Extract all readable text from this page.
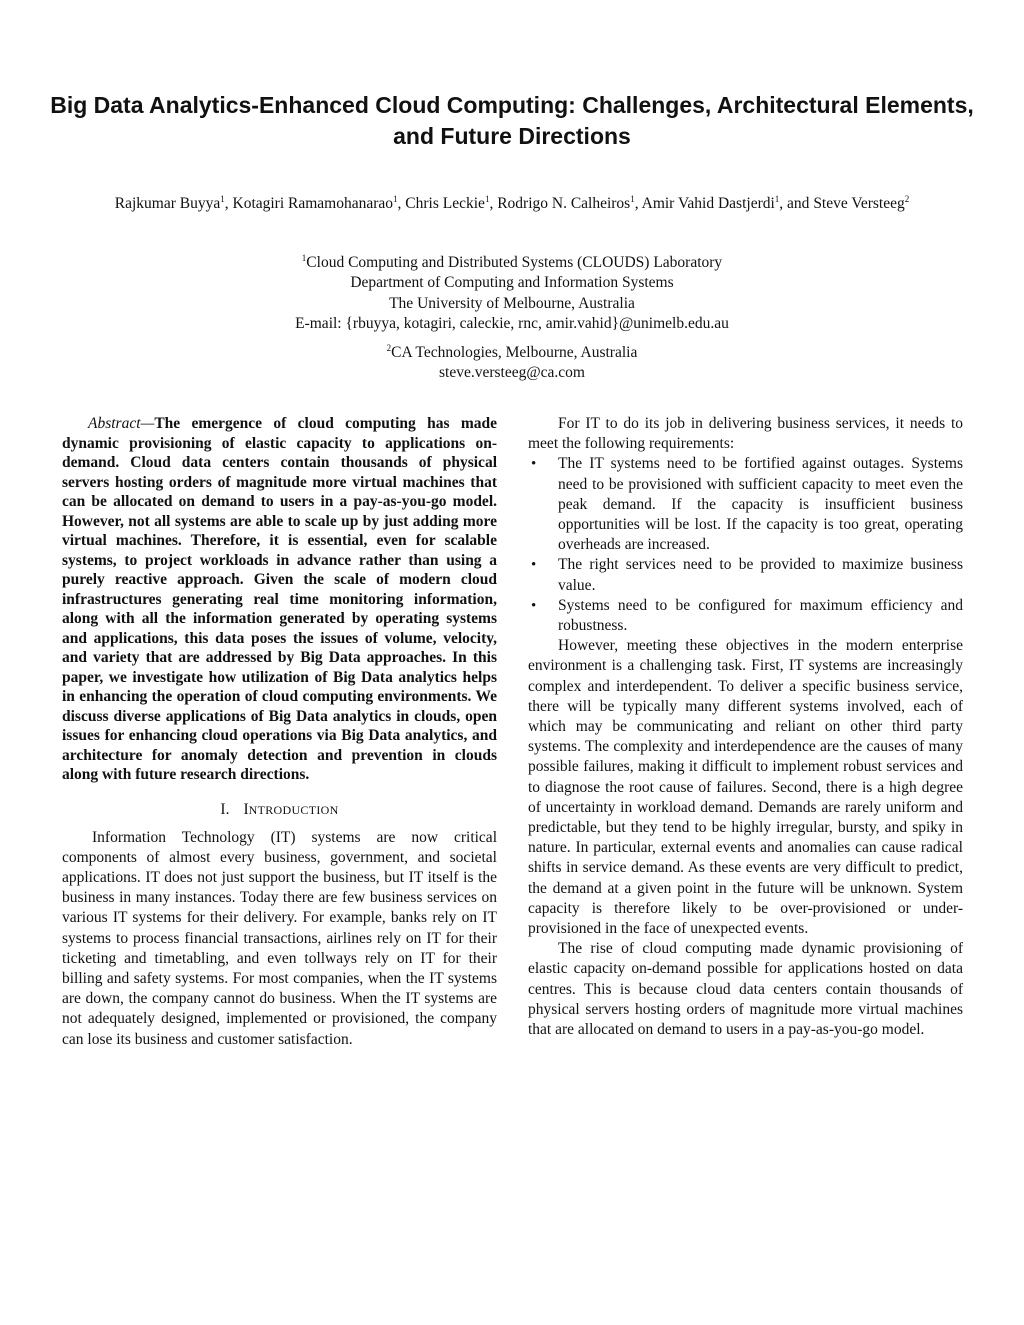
Big Data Analytics-Enhanced Cloud Computing: Challenges, Architectural Elements, and Future Directions
Rajkumar Buyya$^1$, Kotagiri Ramamohanarao$^1$, Chris Leckie$^1$, Rodrigo N. Calheiros$^1$, Amir Vahid Dastjerdi$^1$, and Steve Versteeg$^2$
$^1$Cloud Computing and Distributed Systems (CLOUDS) Laboratory
Department of Computing and Information Systems
The University of Melbourne, Australia
E-mail: {rbuyya, kotagiri, caleckie, rnc, amir.vahid}@unimelb.edu.au
$^2$CA Technologies, Melbourne, Australia
steve.versteeg@ca.com

Abstract—The emergence of cloud computing has made dynamic provisioning of elastic capacity to applications on-demand. Cloud data centers contain thousands of physical servers hosting orders of magnitude more virtual machines that can be allocated on demand to users in a pay-as-you-go model. However, not all systems are able to scale up by just adding more virtual machines. Therefore, it is essential, even for scalable systems, to project workloads in advance rather than using a purely reactive approach. Given the scale of modern cloud infrastructures generating real time monitoring information, along with all the information generated by operating systems and applications, this data poses the issues of volume, velocity, and variety that are addressed by Big Data approaches. In this paper, we investigate how utilization of Big Data analytics helps in enhancing the operation of cloud computing environments. We discuss diverse applications of Big Data analytics in clouds, open issues for enhancing cloud operations via Big Data analytics, and architecture for anomaly detection and prevention in clouds along with future research directions.

I. INTRODUCTION

Information Technology (IT) systems are now critical components of almost every business, government, and societal applications. IT does not just support the business, but IT itself is the business in many instances. Today there are few business services on various IT systems for their delivery. For example, banks rely on IT systems to process financial transactions, airlines rely on IT for their ticketing and timetabling, and even tollways rely on IT for their billing and safety systems. For most companies, when the IT systems are down, the company cannot do business. When the IT systems are not adequately designed, implemented or provisioned, the company can lose its business and customer satisfaction.

For IT to do its job in delivering business services, it needs to meet the following requirements:

• The IT systems need to be fortified against outages. Systems need to be provisioned with sufficient capacity to meet even the peak demand. If the capacity is insufficient business opportunities will be lost. If the capacity is too great, operating overheads are increased.
• The right services need to be provided to maximize business value.
• Systems need to be configured for maximum efficiency and robustness.

However, meeting these objectives in the modern enterprise environment is a challenging task. First, IT systems are increasingly complex and interdependent. To deliver a specific business service, there will be typically many different systems involved, each of which may be communicating and reliant on other third party systems. The complexity and interdependence are the causes of many possible failures, making it difficult to implement robust services and to diagnose the root cause of failures. Second, there is a high degree of uncertainty in workload demand. Demands are rarely uniform and predictable, but they tend to be highly irregular, bursty, and spiky in nature. In particular, external events and anomalies can cause radical shifts in service demand. As these events are very difficult to predict, the demand at a given point in the future will be unknown. System capacity is therefore likely to be over-provisioned or under-provisioned in the face of unexpected events.

The rise of cloud computing made dynamic provisioning of elastic capacity on-demand possible for applications hosted on data centres. This is because cloud data centers contain thousands of physical servers hosting orders of magnitude more virtual machines that are allocated on demand to users in a pay-as-you-go model.
